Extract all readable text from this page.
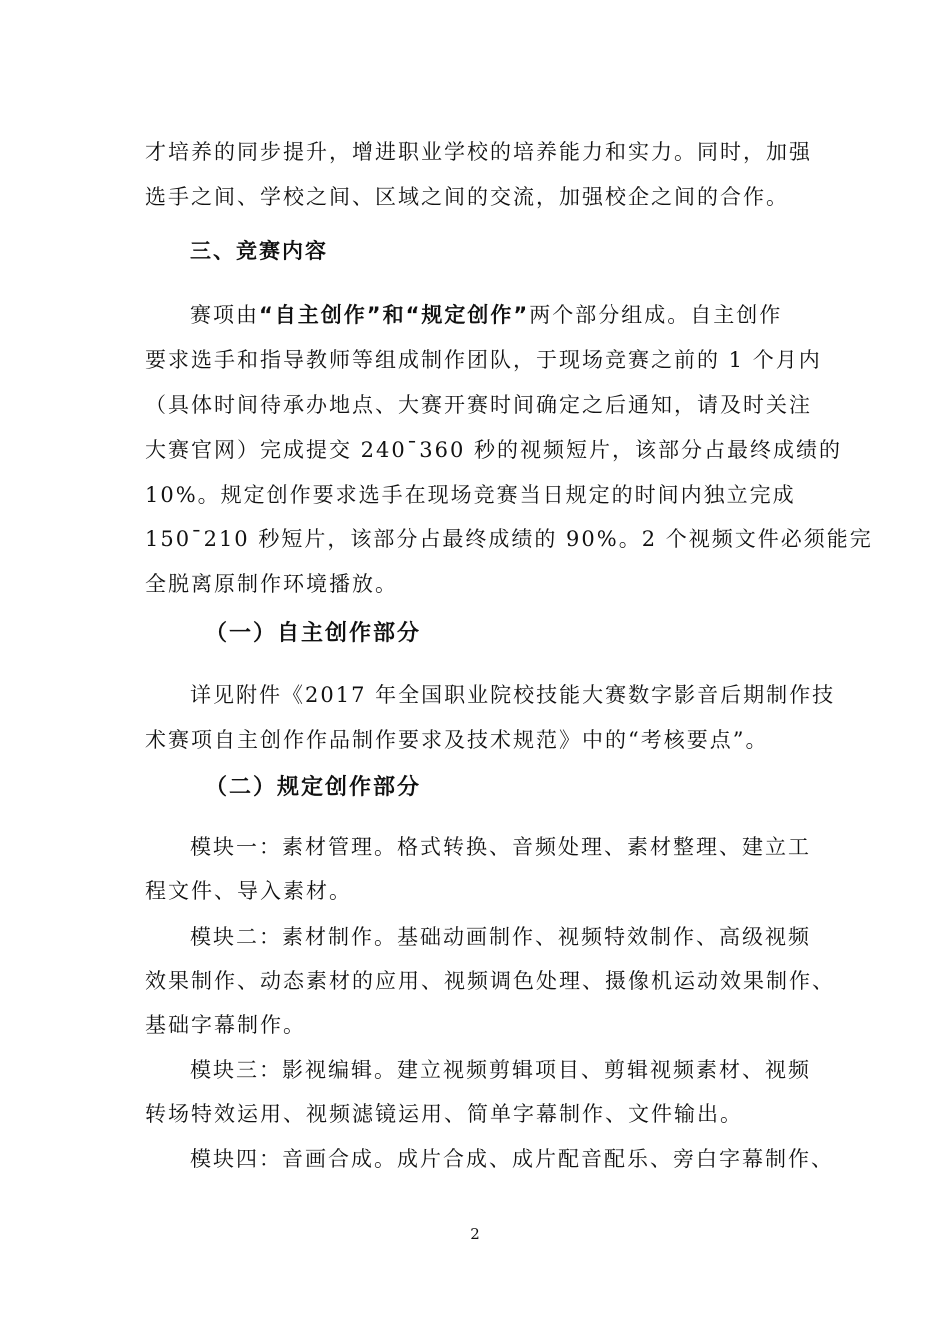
才培养的同步提升，增进职业学校的培养能力和实力。同时，加强
选手之间、学校之间、区域之间的交流，加强校企之间的合作。
三、竞赛内容
赛项由“自主创作”和“规定创作”两个部分组成。自主创作
要求选手和指导教师等组成制作团队，于现场竞赛之前的 1 个月内
（具体时间待承办地点、大赛开赛时间确定之后通知，请及时关注
大赛官网）完成提交 240¯360 秒的视频短片，该部分占最终成绩的
10%。规定创作要求选手在现场竞赛当日规定的时间内独立完成
150¯210 秒短片，该部分占最终成绩的 90%。2 个视频文件必须能完
全脱离原制作环境播放。
（一）自主创作部分
详见附件《2017 年全国职业院校技能大赛数字影音后期制作技
术赛项自主创作作品制作要求及技术规范》中的“考核要点”。
（二）规定创作部分
模块一：素材管理。格式转换、音频处理、素材整理、建立工
程文件、导入素材。
模块二：素材制作。基础动画制作、视频特效制作、高级视频
效果制作、动态素材的应用、视频调色处理、摄像机运动效果制作、
基础字幕制作。
模块三：影视编辑。建立视频剪辑项目、剪辑视频素材、视频
转场特效运用、视频滤镜运用、简单字幕制作、文件输出。
模块四：音画合成。成片合成、成片配音配乐、旁白字幕制作、
2
